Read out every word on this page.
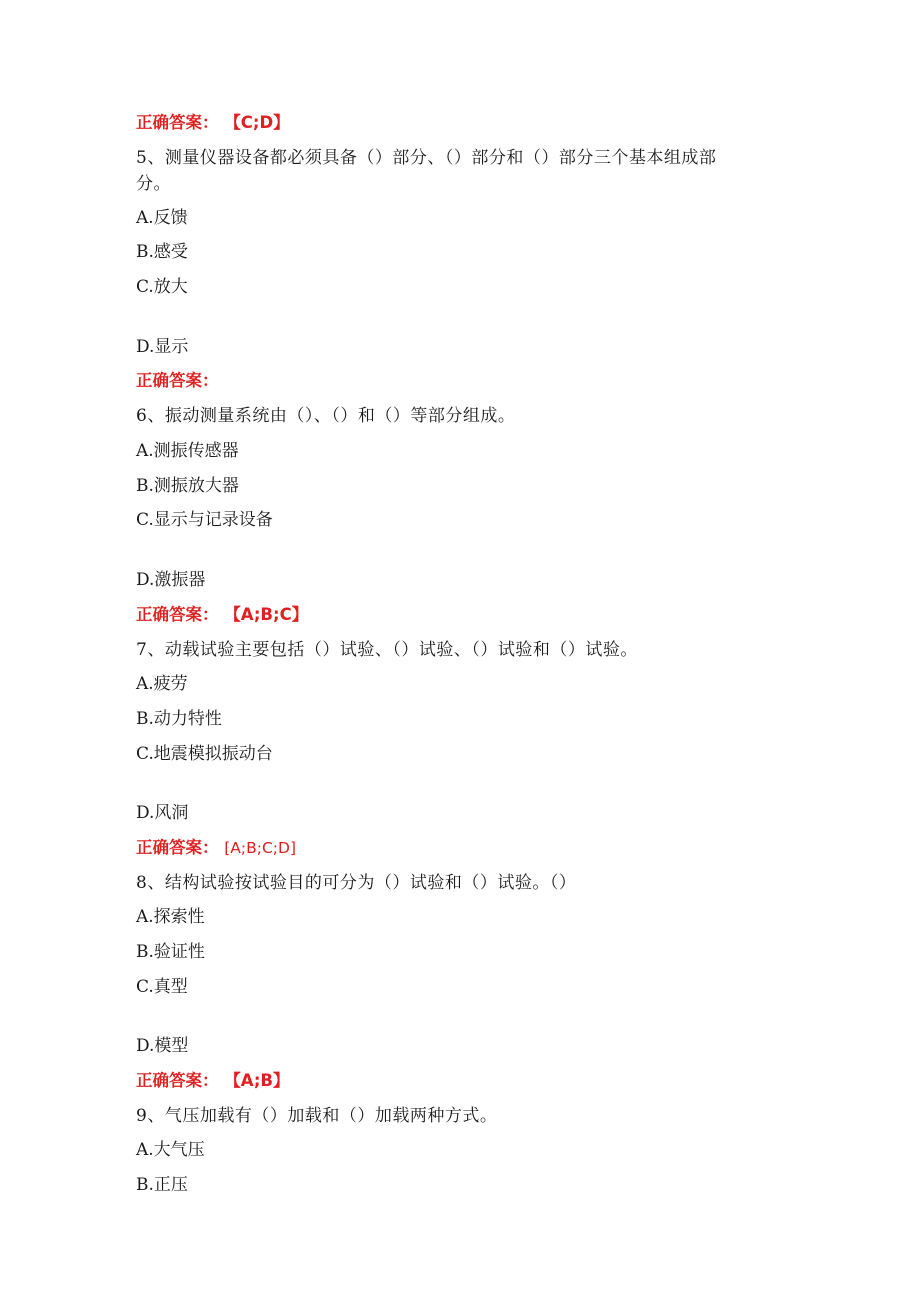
正确答案： 【C;D】
5、测量仪器设备都必须具备（）部分、（）部分和（）部分三个基本组成部
分。
A.反馈
B.感受
C.放大
D.显示
正确答案：
6、振动测量系统由（）、（）和（）等部分组成。
A.测振传感器
B.测振放大器
C.显示与记录设备
D.激振器
正确答案： 【A;B;C】
7、动载试验主要包括（）试验、（）试验、（）试验和（）试验。
A.疲劳
B.动力特性
C.地震模拟振动台
D.风洞
正确答案： [A;B;C;D]
8、结构试验按试验目的可分为（）试验和（）试验。（）
A.探索性
B.验证性
C.真型
D.模型
正确答案： 【A;B】
9、气压加载有（）加载和（）加载两种方式。
A.大气压
B.正压
